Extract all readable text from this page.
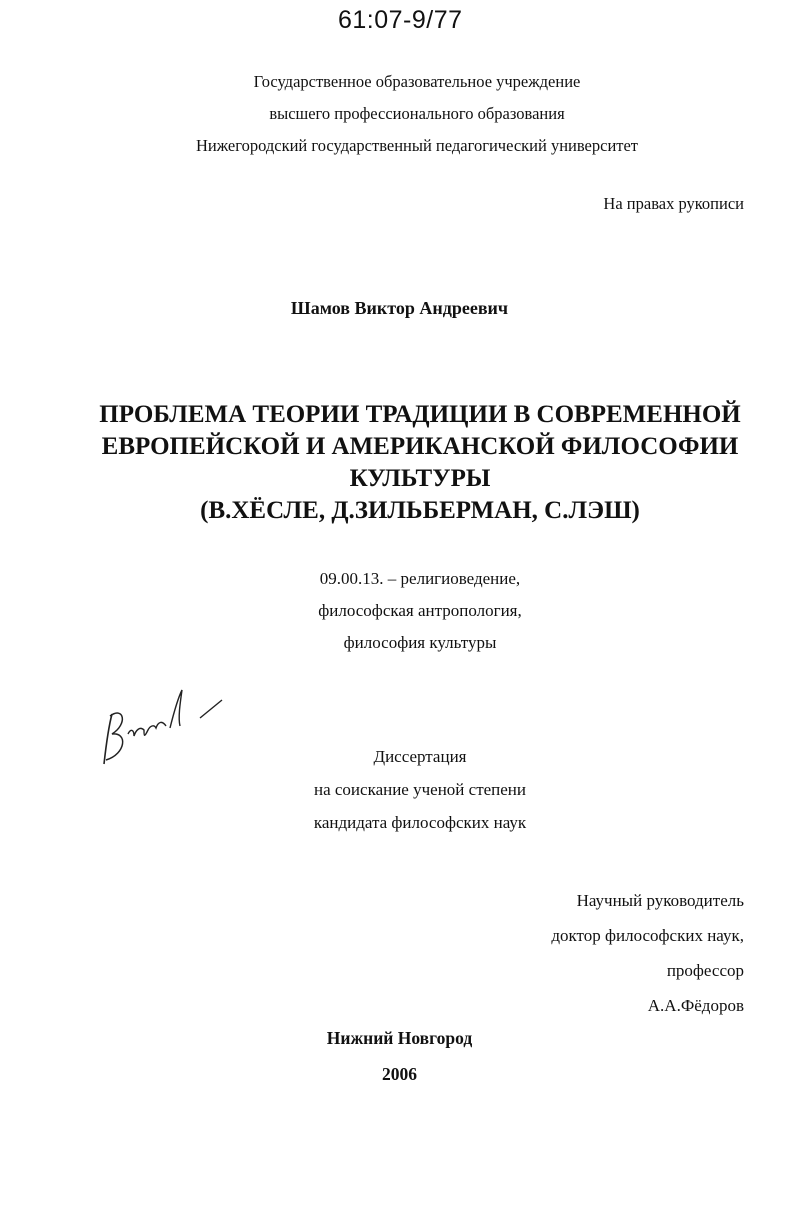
61:07-9/77
Государственное образовательное учреждение
высшего профессионального образования
Нижегородский государственный педагогический университет
На правах рукописи
Шамов Виктор Андреевич
ПРОБЛЕМА ТЕОРИИ ТРАДИЦИИ В СОВРЕМЕННОЙ
ЕВРОПЕЙСКОЙ И АМЕРИКАНСКОЙ ФИЛОСОФИИ
КУЛЬТУРЫ
(В.ХЁСЛЕ, Д.ЗИЛЬБЕРМАН, С.ЛЭШ)
09.00.13. – религиоведение,
философская антропология,
философия культуры
Диссертация
на соискание ученой степени
кандидата философских наук
Научный руководитель
доктор философских наук,
профессор
А.А.Фёдоров
Нижний Новгород
2006
